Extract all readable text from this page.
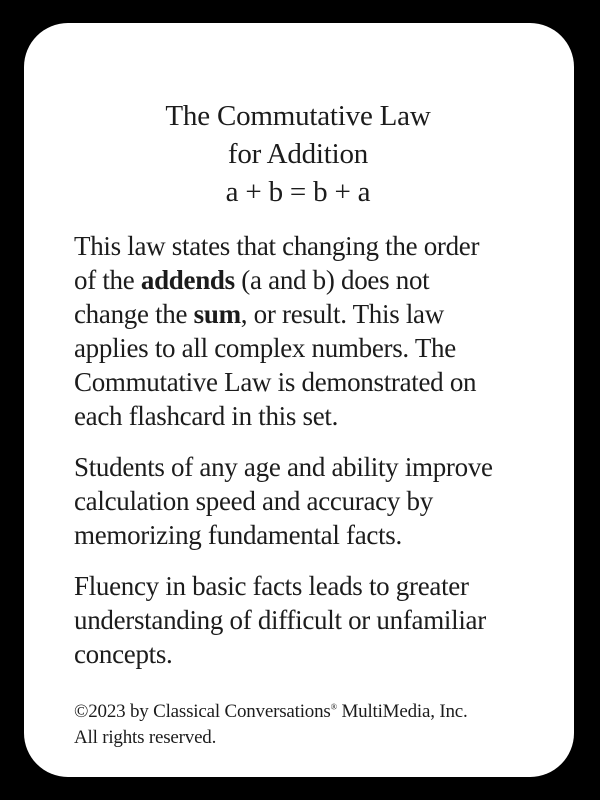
The Commutative Law
for Addition
a + b = b + a
This law states that changing the order
of the addends (a and b) does not
change the sum, or result. This law
applies to all complex numbers. The
Commutative Law is demonstrated on
each flashcard in this set.
Students of any age and ability improve
calculation speed and accuracy by
memorizing fundamental facts.
Fluency in basic facts leads to greater
understanding of difficult or unfamiliar
concepts.
©2023 by Classical Conversations® MultiMedia, Inc.
All rights reserved.
